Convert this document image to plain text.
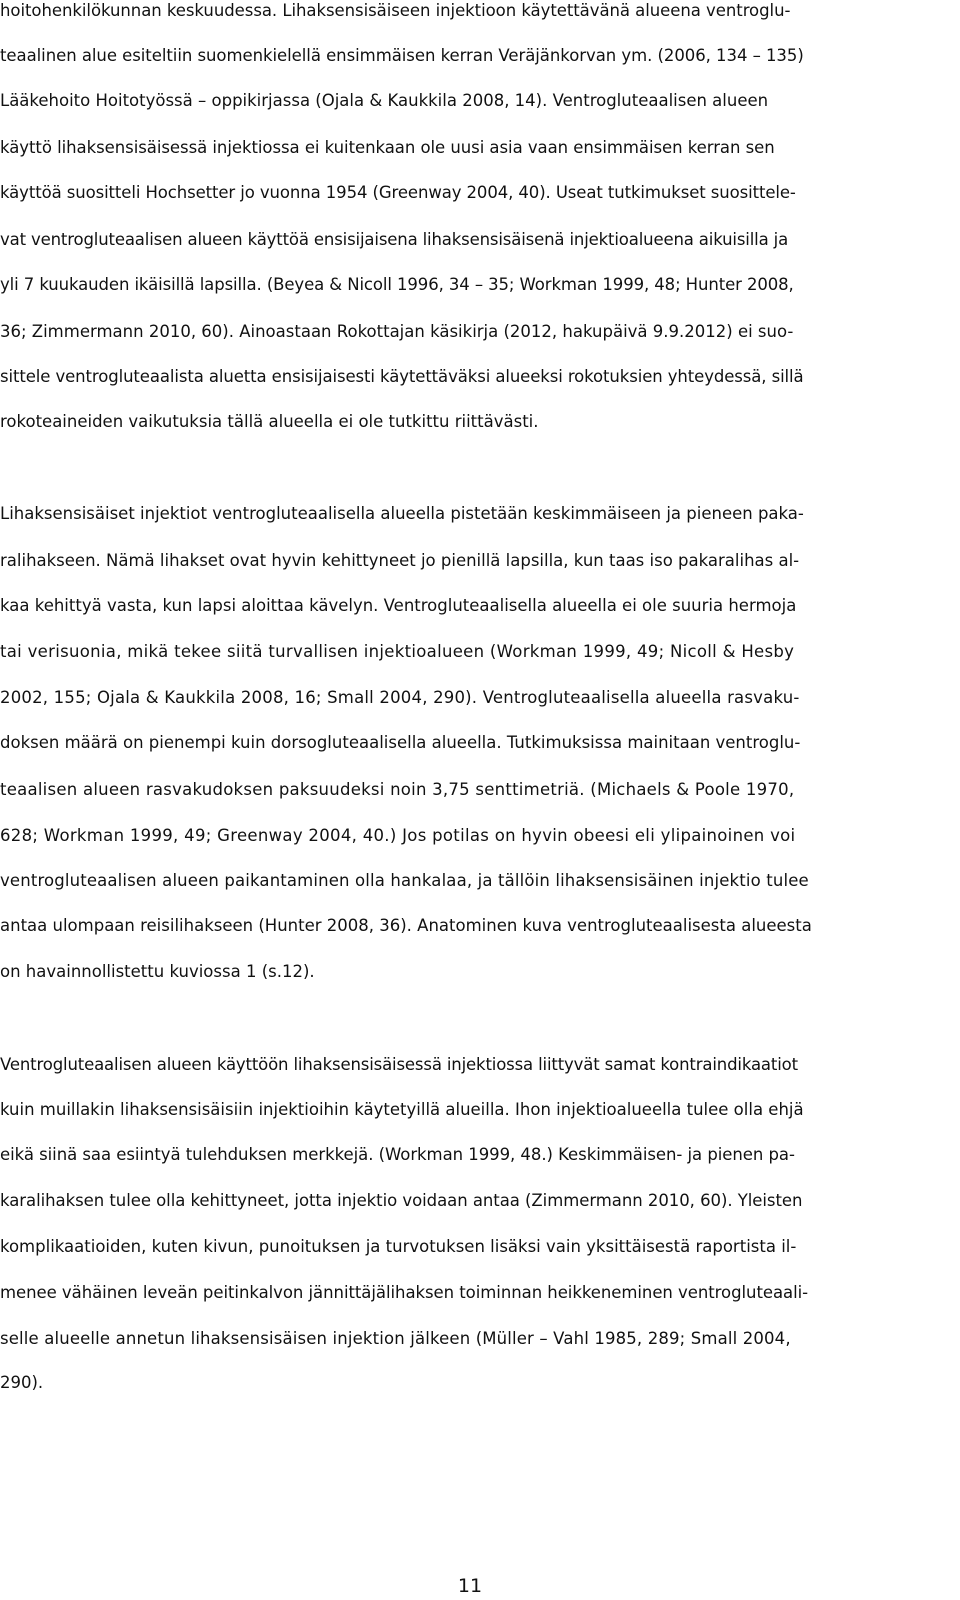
hoitohenkilökunnan keskuudessa. Lihaksensisäiseen injektioon käytettävänä alueena ventroglu-
teaalinen alue esiteltiin suomenkielellä ensimmäisen kerran Veräjänkorvan ym. (2006, 134 – 135)
Lääkehoito Hoitotyössä – oppikirjassa (Ojala & Kaukkila 2008, 14). Ventrogluteaalisen alueen
käyttö lihaksensisäisessä injektiossa ei kuitenkaan ole uusi asia vaan ensimmäisen kerran sen
käyttöä suositteli Hochsetter jo vuonna 1954 (Greenway 2004, 40). Useat tutkimukset suosittele-
vat ventrogluteaalisen alueen käyttöä ensisijaisena lihaksensisäisenä injektioalueena aikuisilla ja
yli 7 kuukauden ikäisillä lapsilla. (Beyea & Nicoll 1996, 34 – 35; Workman 1999, 48; Hunter 2008,
36; Zimmermann 2010, 60). Ainoastaan Rokottajan käsikirja (2012, hakupäivä 9.9.2012) ei suo-
sittele ventrogluteaalista aluetta ensisijaisesti käytettäväksi alueeksi rokotuksien yhteydessä, sillä
rokoteaineiden vaikutuksia tällä alueella ei ole tutkittu riittävästi.
Lihaksensisäiset injektiot ventrogluteaalisella alueella pistetään keskimmäiseen ja pieneen paka-
ralihakseen. Nämä lihakset ovat hyvin kehittyneet jo pienillä lapsilla, kun taas iso pakaralihas al-
kaa kehittyä vasta, kun lapsi aloittaa kävelyn. Ventrogluteaalisella alueella ei ole suuria hermoja
tai verisuonia, mikä tekee siitä turvallisen injektioalueen (Workman 1999, 49; Nicoll & Hesby
2002, 155; Ojala & Kaukkila 2008, 16; Small 2004, 290). Ventrogluteaalisella alueella rasvaku-
doksen määrä on pienempi kuin dorsogluteaalisella alueella. Tutkimuksissa mainitaan ventroglu-
teaalisen alueen rasvakudoksen paksuudeksi noin 3,75 senttimetriä. (Michaels & Poole 1970,
628; Workman 1999, 49; Greenway 2004, 40.) Jos potilas on hyvin obeesi eli ylipainoinen voi
ventrogluteaalisen alueen paikantaminen olla hankalaa, ja tällöin lihaksensisäinen injektio tulee
antaa ulompaan reisilihakseen (Hunter 2008, 36). Anatominen kuva ventrogluteaalisesta alueesta
on havainnollistettu kuviossa 1 (s.12).
Ventrogluteaalisen alueen käyttöön lihaksensisäisessä injektiossa liittyvät samat kontraindikaatiot
kuin muillakin lihaksensisäisiin injektioihin käytetyillä alueilla. Ihon injektioalueella tulee olla ehjä
eikä siinä saa esiintyä tulehduksen merkkejä. (Workman 1999, 48.) Keskimmäisen- ja pienen pa-
karalihaksen tulee olla kehittyneet, jotta injektio voidaan antaa (Zimmermann 2010, 60). Yleisten
komplikaatioiden, kuten kivun, punoituksen ja turvotuksen lisäksi vain yksittäisestä raportista il-
menee vähäinen leveän peitinkalvon jännittäjälihaksen toiminnan heikkeneminen ventrogluteaali-
selle alueelle annetun lihaksensisäisen injektion jälkeen (Müller – Vahl 1985, 289; Small 2004,
290).
11
